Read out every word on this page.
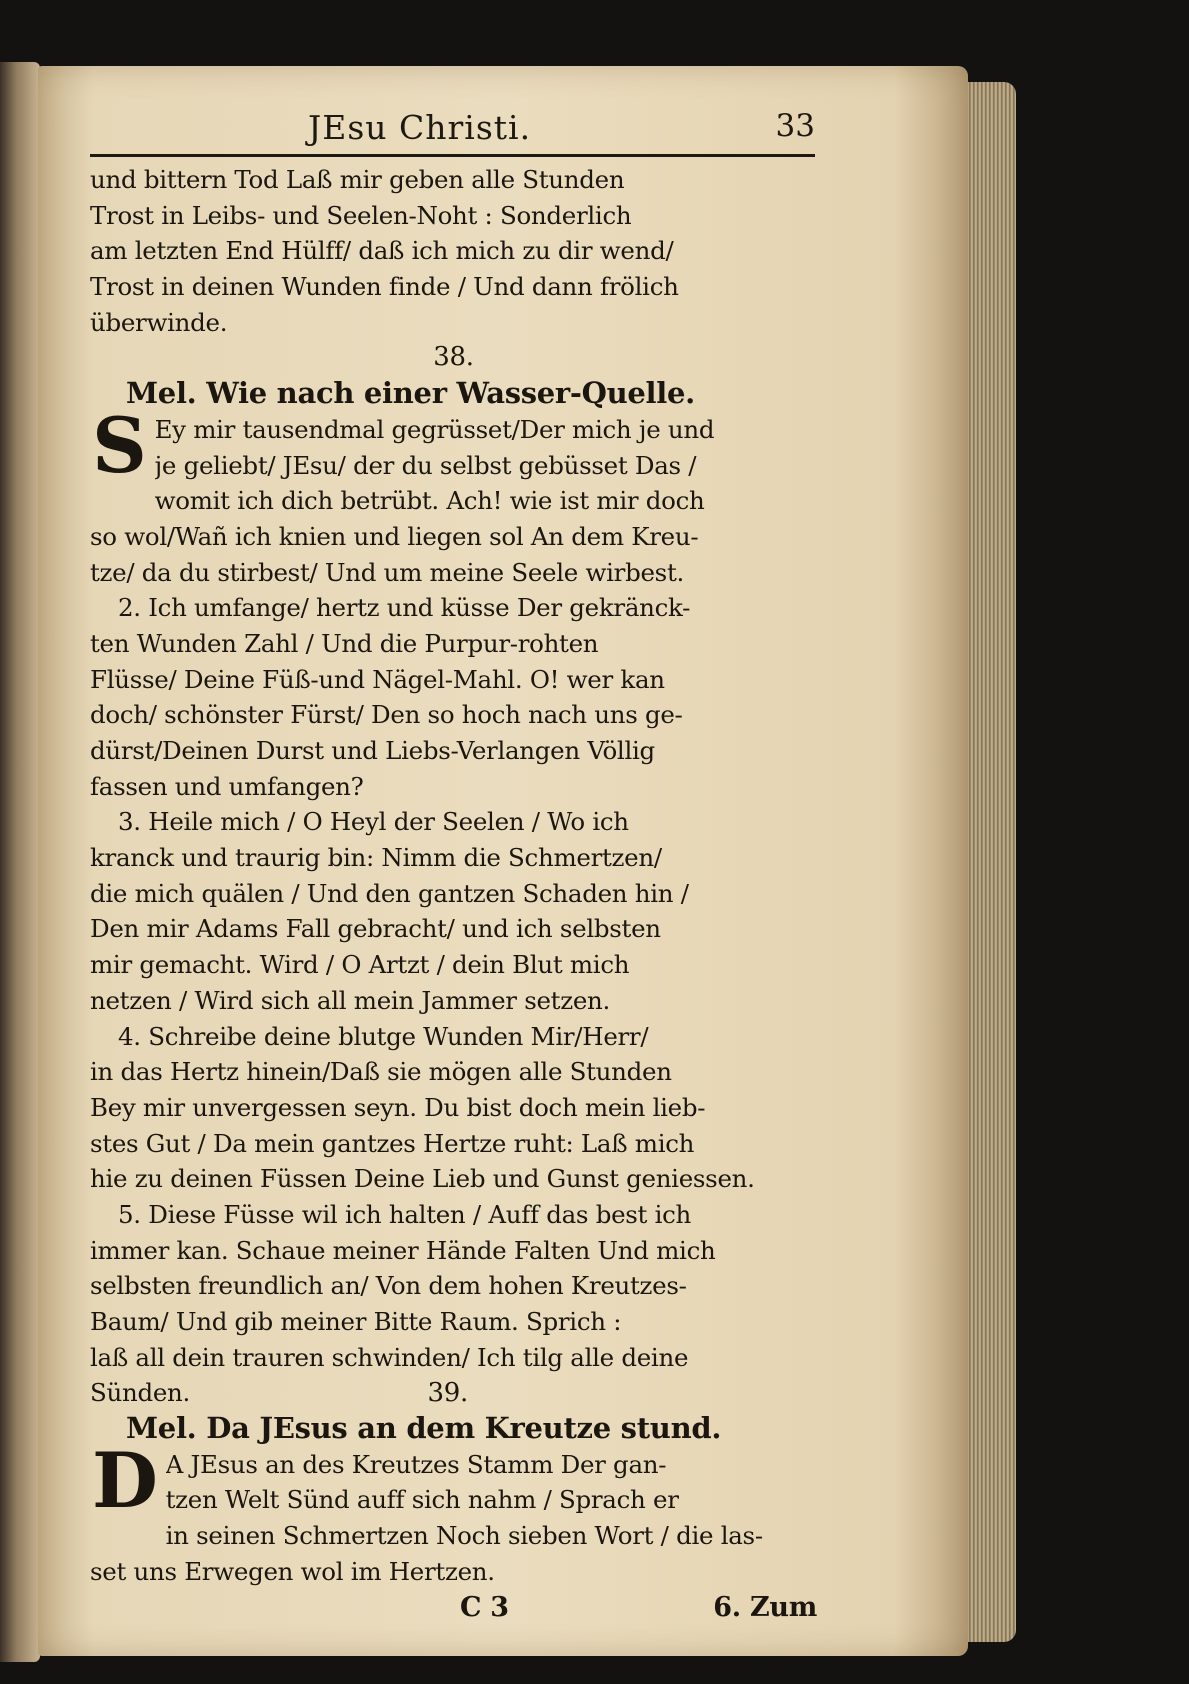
JEsu Christi.	33
und bittern Tod Laß mir geben alle Stunden
Trost in Leibs- und Seelen-Noht : Sonderlich
am letzten End Hülff/ daß ich mich zu dir wend/
Trost in deinen Wunden finde / Und dann frölich
überwinde.
38.
Mel. Wie nach einer Wasser-Quelle.
S Ey mir tausendmal gegrüsset/Der mich je und
je geliebt/ JEsu/ der du selbst gebüsset Das /
womit ich dich betrübt. Ach! wie ist mir doch
so wol/Wañ ich knien und liegen sol An dem Kreu-
tze/ da du stirbest/ Und um meine Seele wirbest.
2. Ich umfange/ hertz und küsse Der gekränck-
ten Wunden Zahl / Und die Purpur-rohten
Flüsse/ Deine Füß-und Nägel-Mahl. O! wer kan
doch/ schönster Fürst/ Den so hoch nach uns ge-
dürst/Deinen Durst und Liebs-Verlangen Völlig
fassen und umfangen?
3. Heile mich / O Heyl der Seelen / Wo ich
kranck und traurig bin: Nimm die Schmertzen/
die mich quälen / Und den gantzen Schaden hin /
Den mir Adams Fall gebracht/ und ich selbsten
mir gemacht. Wird / O Artzt / dein Blut mich
netzen / Wird sich all mein Jammer setzen.
4. Schreibe deine blutge Wunden Mir/Herr/
in das Hertz hinein/Daß sie mögen alle Stunden
Bey mir unvergessen seyn. Du bist doch mein lieb-
stes Gut / Da mein gantzes Hertze ruht: Laß mich
hie zu deinen Füssen Deine Lieb und Gunst geniessen.
5. Diese Füsse wil ich halten / Auff das best ich
immer kan. Schaue meiner Hände Falten Und mich
selbsten freundlich an/ Von dem hohen Kreutzes-
Baum/ Und gib meiner Bitte Raum. Sprich :
laß all dein trauren schwinden/ Ich tilg alle deine
Sünden.	39.
Mel. Da JEsus an dem Kreutze stund.
D A JEsus an des Kreutzes Stamm Der gan-
tzen Welt Sünd auff sich nahm / Sprach er
in seinen Schmertzen Noch sieben Wort / die las-
set uns Erwegen wol im Hertzen.
C 3	6. Zum
